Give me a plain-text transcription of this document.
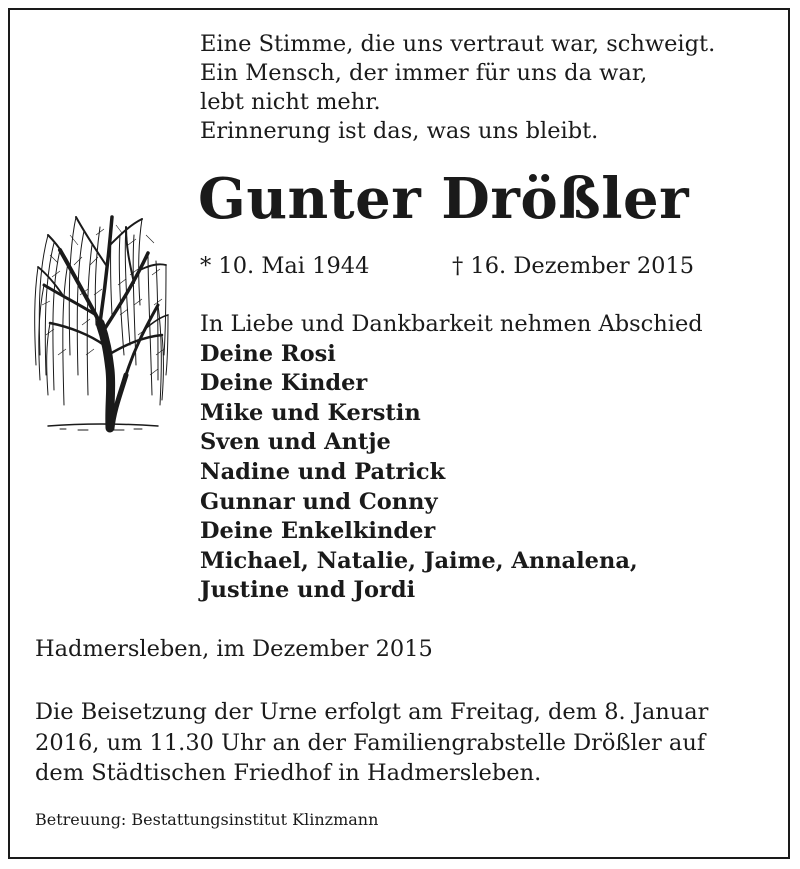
Eine Stimme, die uns vertraut war, schweigt.
Ein Mensch, der immer für uns da war,
lebt nicht mehr.
Erinnerung ist das, was uns bleibt.
Gunter Drößler
* 10. Mai 1944	† 16. Dezember 2015
In Liebe und Dankbarkeit nehmen Abschied
Deine Rosi
Deine Kinder
Mike und Kerstin
Sven und Antje
Nadine und Patrick
Gunnar und Conny
Deine Enkelkinder
Michael, Natalie, Jaime, Annalena,
Justine und Jordi
Hadmersleben, im Dezember 2015
Die Beisetzung der Urne erfolgt am Freitag, dem 8. Januar
2016, um 11.30 Uhr an der Familiengrabstelle Drößler auf
dem Städtischen Friedhof in Hadmersleben.
Betreuung: Bestattungsinstitut Klinzmann
